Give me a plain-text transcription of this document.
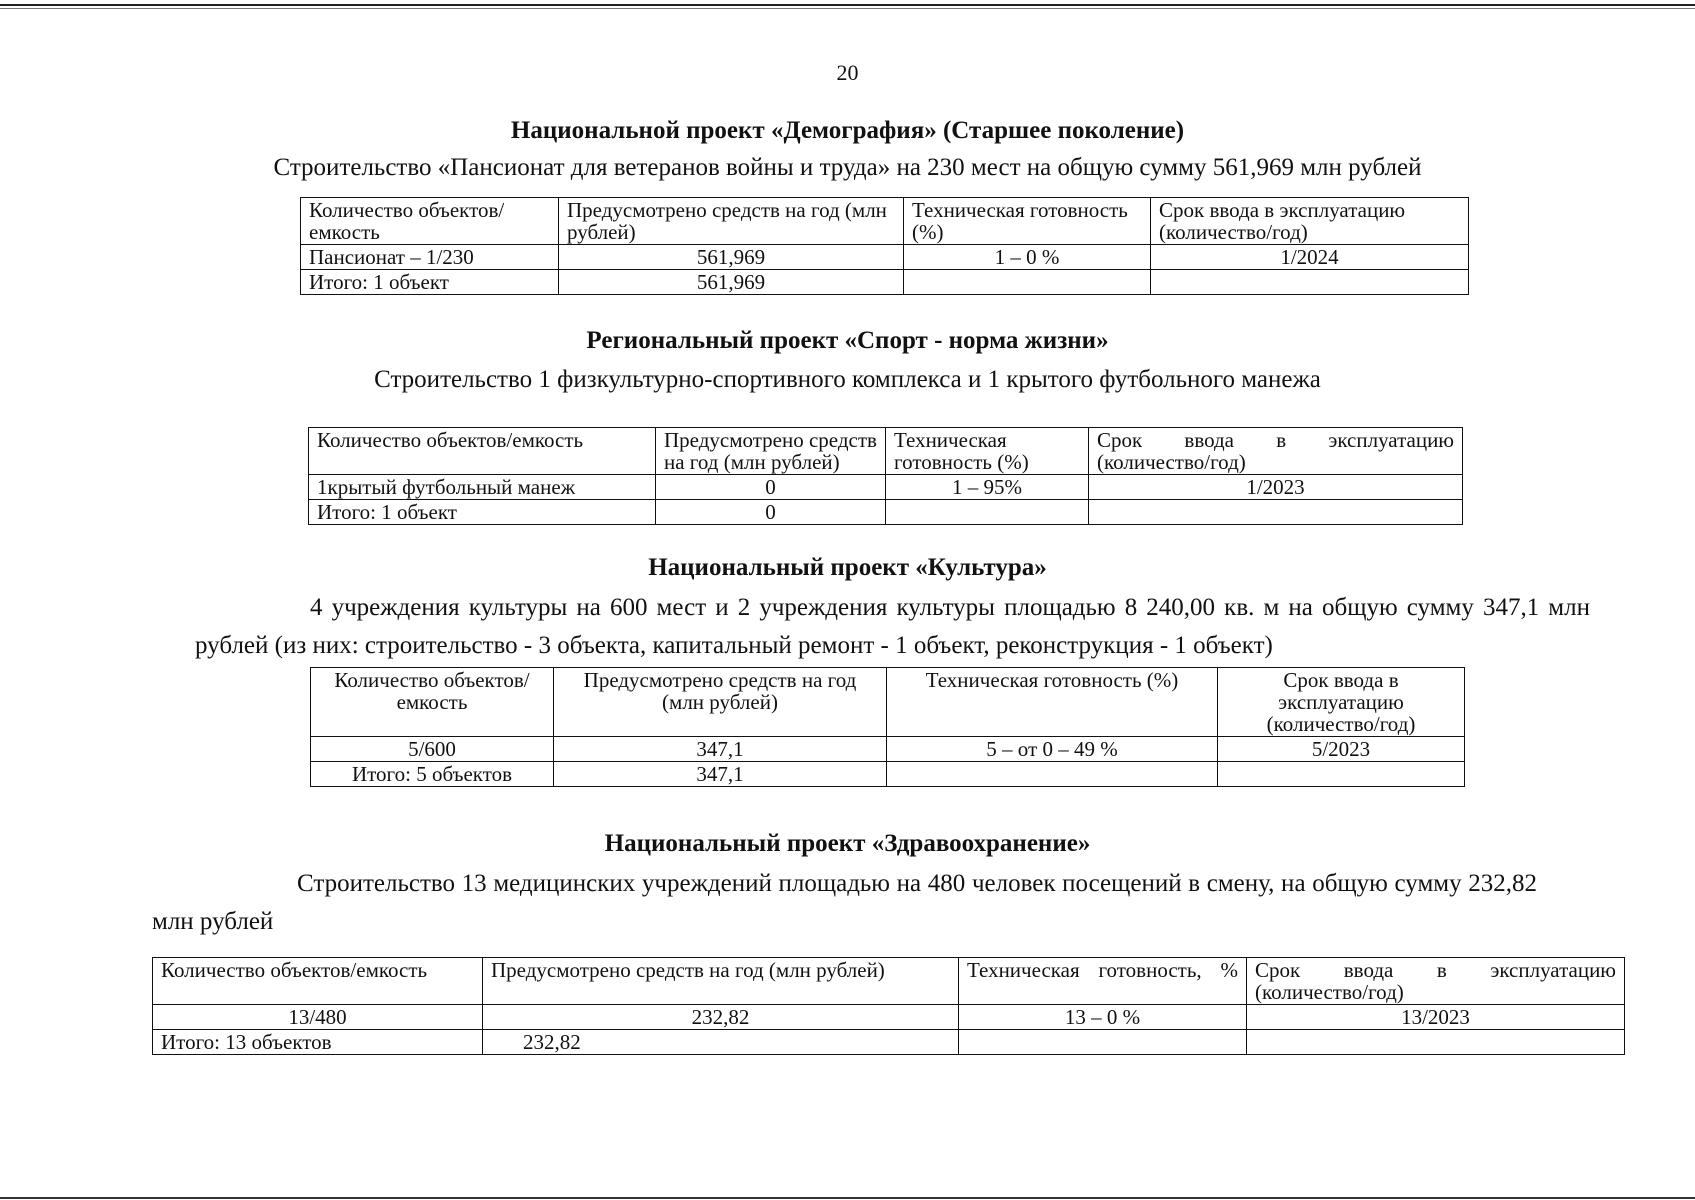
20
Национальной проект «Демография» (Старшее поколение)
Строительство «Пансионат для ветеранов войны и труда» на 230 мест на общую сумму 561,969 млн рублей
Количество объектов/емкость	Предусмотрено средств на год (млн рублей)	Техническая готовность (%)	Срок ввода в эксплуатацию (количество/год)
Пансионат – 1/230	561,969	1 – 0 %	1/2024
Итого: 1 объект	561,969		
Региональный проект «Спорт - норма жизни»
Строительство 1 физкультурно-спортивного комплекса и 1 крытого футбольного манежа
Количество объектов/емкость	Предусмотрено средств на год (млн рублей)	Техническая готовность (%)	Срок ввода в эксплуатацию (количество/год)
1крытый футбольный манеж	0	1 – 95%	1/2023
Итого: 1 объект	0		
Национальный проект «Культура»
4 учреждения культуры на 600 мест и 2 учреждения культуры площадью 8 240,00 кв. м на общую сумму 347,1 млн рублей (из них: строительство - 3 объекта, капитальный ремонт - 1 объект, реконструкция - 1 объект)
Количество объектов/емкость	Предусмотрено средств на год (млн рублей)	Техническая готовность (%)	Срок ввода в эксплуатацию (количество/год)
5/600	347,1	5 – от 0 – 49 %	5/2023
Итого: 5 объектов	347,1		
Национальный проект «Здравоохранение»
Строительство 13 медицинских учреждений площадью на 480 человек посещений в смену, на общую сумму 232,82 млн рублей
Количество объектов/емкость	Предусмотрено средств на год (млн рублей)	Техническая готовность, %	Срок ввода в эксплуатацию (количество/год)
13/480	232,82	13 – 0 %	13/2023
Итого: 13 объектов	232,82		
